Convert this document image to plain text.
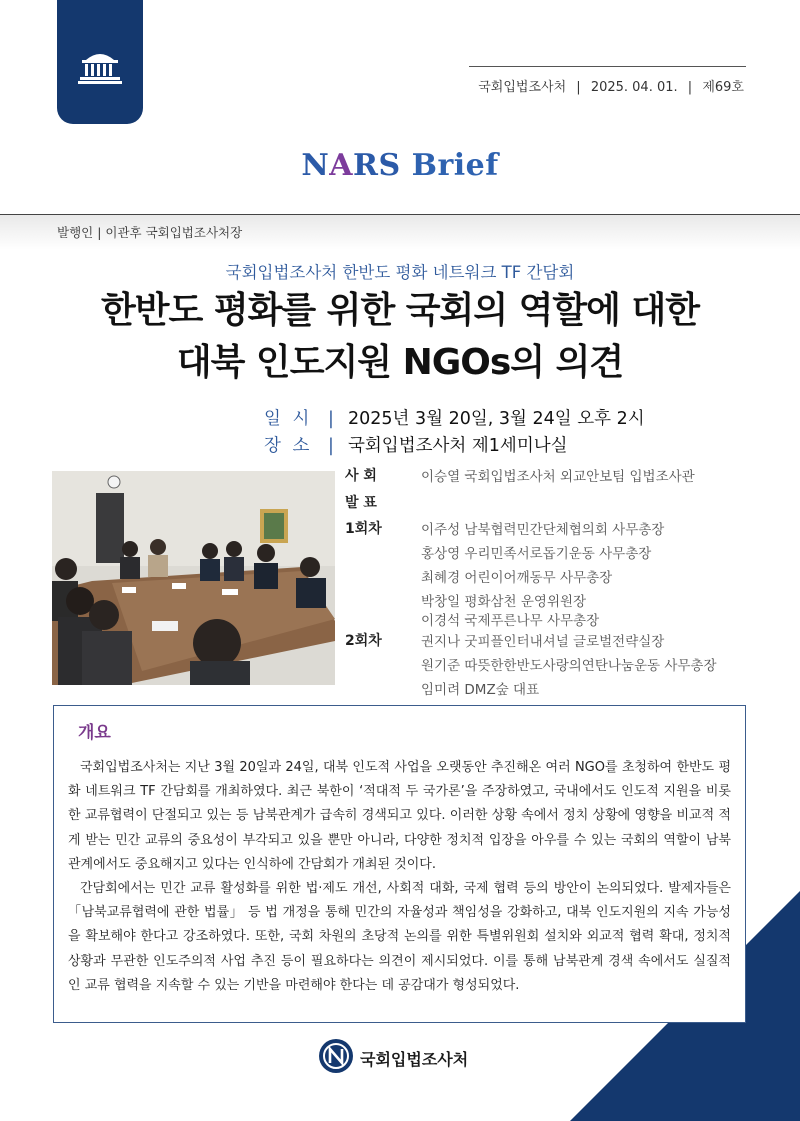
국회입법조사처 | 2025. 04. 01. | 제69호
NARS Brief
발행인 | 이관후 국회입법조사처장
국회입법조사처 한반도 평화 네트워크 TF 간담회
한반도 평화를 위한 국회의 역할에 대한
대북 인도지원 NGOs의 의견
일 시 | 2025년 3월 20일, 3월 24일 오후 2시
장 소 | 국회입법조사처 제1세미나실
사 회	이승열 국회입법조사처 외교안보팀 입법조사관
발 표
1회차	이주성 남북협력민간단체협의회 사무총장
홍상영 우리민족서로돕기운동 사무총장
최혜경 어린이어깨동무 사무총장
박창일 평화삼천 운영위원장
이경석 국제푸른나무 사무총장
2회차	권지나 굿피플인터내셔널 글로벌전략실장
원기준 따뜻한한반도사랑의연탄나눔운동 사무총장
임미려 DMZ숲 대표
개요

국회입법조사처는 지난 3월 20일과 24일, 대북 인도적 사업을 오랫동안 추진해온 여러 NGO를 초청하여 한반도 평화 네트워크 TF 간담회를 개최하였다. 최근 북한이 ‘적대적 두 국가론’을 주장하였고, 국내에서도 인도적 지원을 비롯한 교류협력이 단절되고 있는 등 남북관계가 급속히 경색되고 있다. 이러한 상황 속에서 정치 상황에 영향을 비교적 적게 받는 민간 교류의 중요성이 부각되고 있을 뿐만 아니라, 다양한 정치적 입장을 아우를 수 있는 국회의 역할이 남북관계에서도 중요해지고 있다는 인식하에 간담회가 개최된 것이다.

간담회에서는 민간 교류 활성화를 위한 법·제도 개선, 사회적 대화, 국제 협력 등의 방안이 논의되었다. 발제자들은 「남북교류협력에 관한 법률」 등 법 개정을 통해 민간의 자율성과 책임성을 강화하고, 대북 인도지원의 지속 가능성을 확보해야 한다고 강조하였다. 또한, 국회 차원의 초당적 논의를 위한 특별위원회 설치와 외교적 협력 확대, 정치적 상황과 무관한 인도주의적 사업 추진 등이 필요하다는 의견이 제시되었다. 이를 통해 남북관계 경색 속에서도 실질적인 교류 협력을 지속할 수 있는 기반을 마련해야 한다는 데 공감대가 형성되었다.

국회입법조사처
